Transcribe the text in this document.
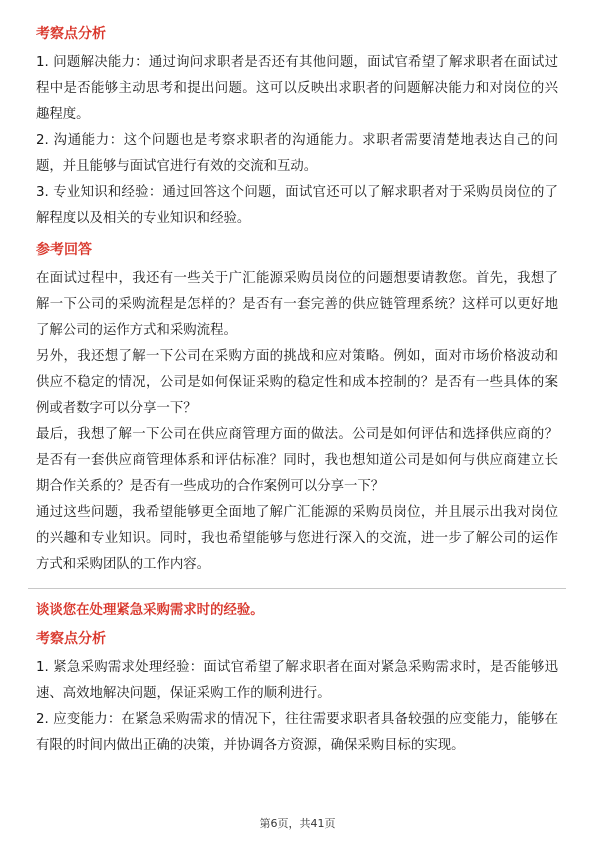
考察点分析

1. 问题解决能力：通过询问求职者是否还有其他问题，面试官希望了解求职者在面试过程中是否能够主动思考和提出问题。这可以反映出求职者的问题解决能力和对岗位的兴趣程度。

2. 沟通能力：这个问题也是考察求职者的沟通能力。求职者需要清楚地表达自己的问题，并且能够与面试官进行有效的交流和互动。

3. 专业知识和经验：通过回答这个问题，面试官还可以了解求职者对于采购员岗位的了解程度以及相关的专业知识和经验。

参考回答

在面试过程中，我还有一些关于广汇能源采购员岗位的问题想要请教您。首先，我想了解一下公司的采购流程是怎样的？是否有一套完善的供应链管理系统？这样可以更好地了解公司的运作方式和采购流程。

另外，我还想了解一下公司在采购方面的挑战和应对策略。例如，面对市场价格波动和供应不稳定的情况，公司是如何保证采购的稳定性和成本控制的？是否有一些具体的案例或者数字可以分享一下？

最后，我想了解一下公司在供应商管理方面的做法。公司是如何评估和选择供应商的？是否有一套供应商管理体系和评估标准？同时，我也想知道公司是如何与供应商建立长期合作关系的？是否有一些成功的合作案例可以分享一下？

通过这些问题，我希望能够更全面地了解广汇能源的采购员岗位，并且展示出我对岗位的兴趣和专业知识。同时，我也希望能够与您进行深入的交流，进一步了解公司的运作方式和采购团队的工作内容。

谈谈您在处理紧急采购需求时的经验。
考察点分析

1. 紧急采购需求处理经验：面试官希望了解求职者在面对紧急采购需求时，是否能够迅速、高效地解决问题，保证采购工作的顺利进行。

2. 应变能力：在紧急采购需求的情况下，往往需要求职者具备较强的应变能力，能够在有限的时间内做出正确的决策，并协调各方资源，确保采购目标的实现。

第6页，共41页
